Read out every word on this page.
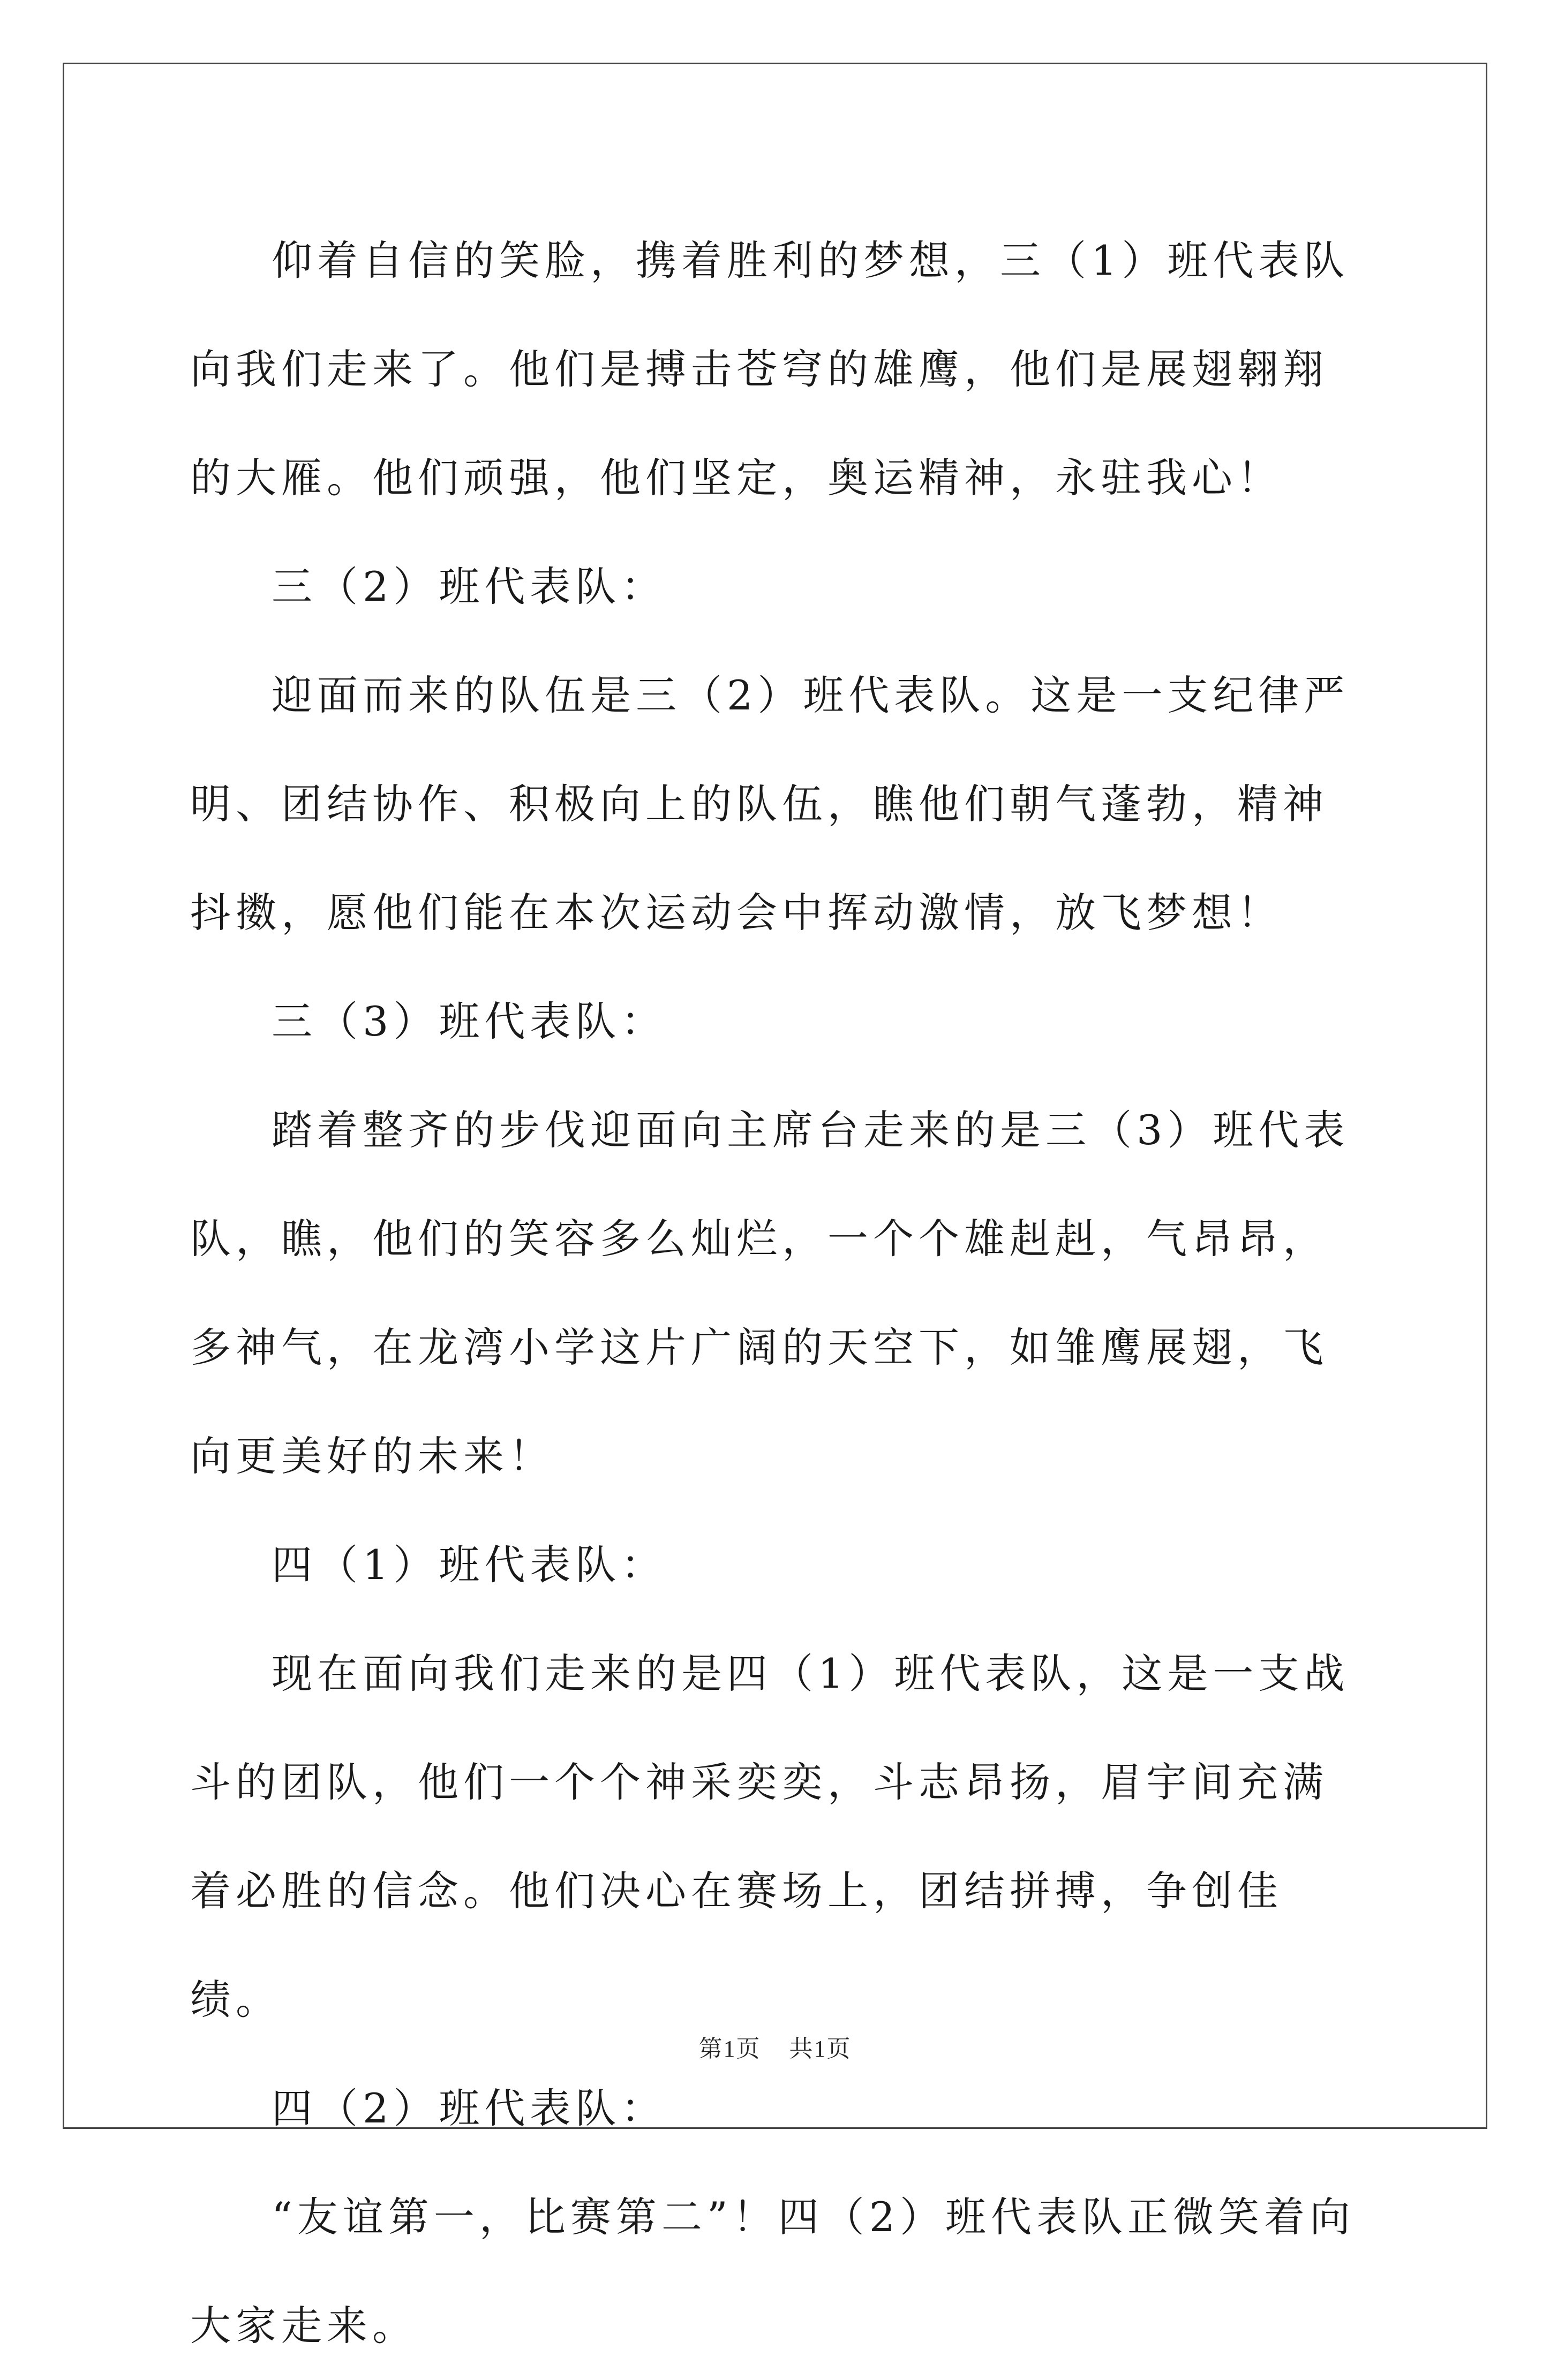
仰着自信的笑脸，携着胜利的梦想，三（1）班代表队向我们走来了。他们是搏击苍穹的雄鹰，他们是展翅翱翔的大雁。他们顽强，他们坚定，奥运精神，永驻我心！

三（2）班代表队：

迎面而来的队伍是三（2）班代表队。这是一支纪律严明、团结协作、积极向上的队伍，瞧他们朝气蓬勃，精神抖擞，愿他们能在本次运动会中挥动激情，放飞梦想！

三（3）班代表队：

踏着整齐的步伐迎面向主席台走来的是三（3）班代表队，瞧，他们的笑容多么灿烂，一个个雄赳赳，气昂昂，多神气，在龙湾小学这片广阔的天空下，如雏鹰展翅，飞向更美好的未来！

四（1）班代表队：

现在面向我们走来的是四（1）班代表队，这是一支战斗的团队，他们一个个神采奕奕，斗志昂扬，眉宇间充满着必胜的信念。他们决心在赛场上，团结拼搏，争创佳绩。

四（2）班代表队：

“友谊第一，比赛第二”！四（2）班代表队正微笑着向大家走来。

第1页 共1页
